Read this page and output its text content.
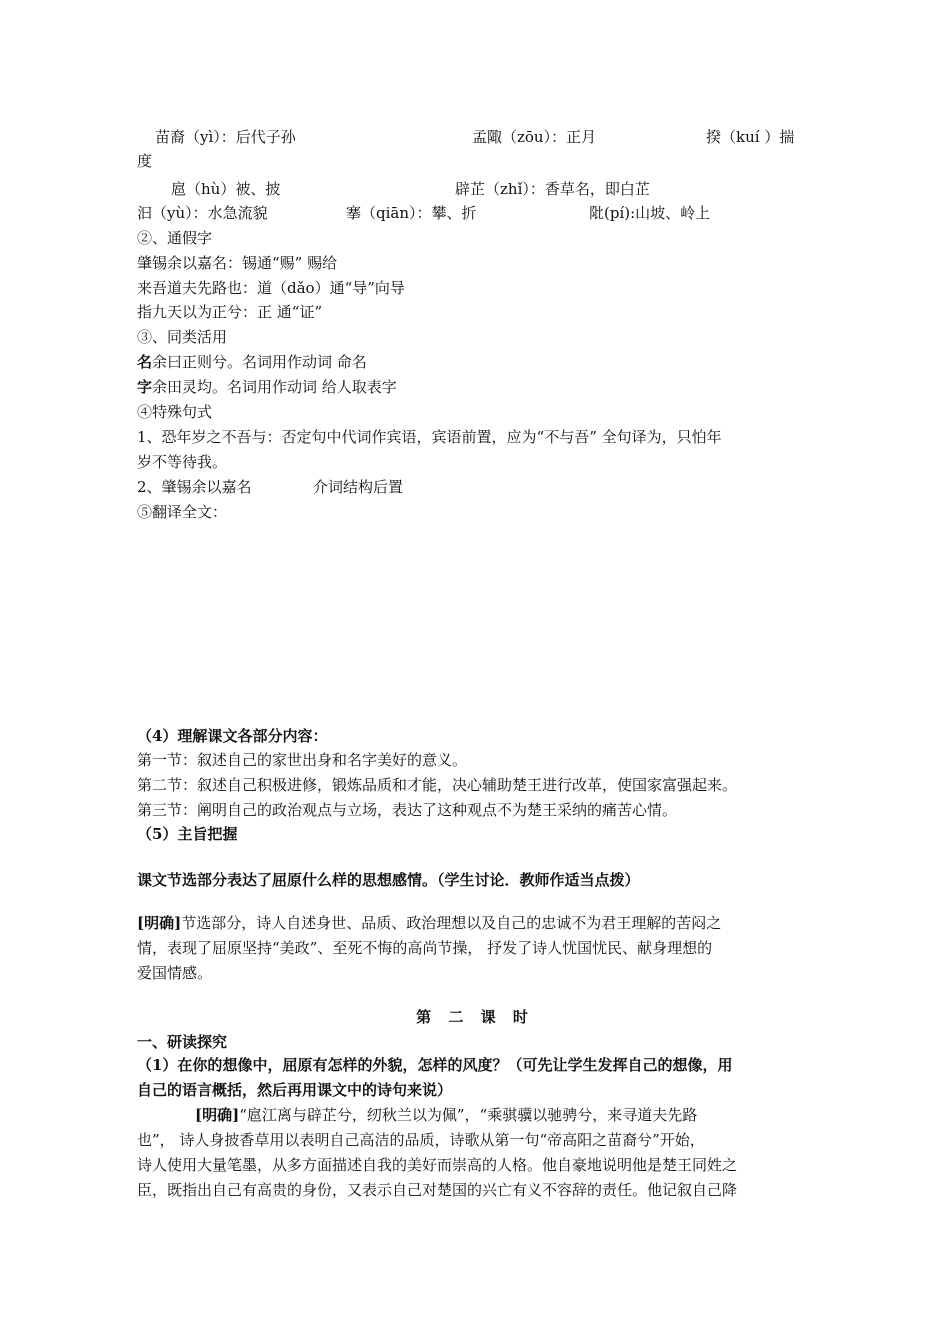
苗裔（yì）：后代子孙	孟陬（zōu）：正月	揆（kuí ）揣
度
扈（hù）被、披	辟芷（zhǐ）：香草名，即白芷
汩（yù）：水急流貌	搴（qiān）：攀、折	阰(pí):山坡、岭上
②、通假字
肇锡余以嘉名：锡通“赐” 赐给
来吾道夫先路也：道（dǎo）通“导”向导
指九天以为正兮：正 通“证”
③、同类活用
名余曰正则兮。名词用作动词 命名
字余田灵均。名词用作动词 给人取表字
④特殊句式
1、恐年岁之不吾与：否定句中代词作宾语，宾语前置，应为“不与吾” 全句译为，只怕年
岁不等待我。
2、肇锡余以嘉名	介词结构后置
⑤翻译全文：
（4）理解课文各部分内容：
第一节：叙述自己的家世出身和名字美好的意义。
第二节：叙述自己积极进修，锻炼品质和才能，决心辅助楚王进行改革，使国家富强起来。
第三节：阐明自己的政治观点与立场，表达了这种观点不为楚王采纳的痛苦心情。
（5）主旨把握
课文节选部分表达了屈原什么样的思想感情。（学生讨论．教师作适当点拨）
[明确]节选部分，诗人自述身世、品质、政治理想以及自己的忠诚不为君王理解的苦闷之
情，表现了屈原坚持“美政”、至死不悔的高尚节操， 抒发了诗人忧国忧民、献身理想的
爱国情感。
第 二 课 时
一、研读探究
（1）在你的想像中，屈原有怎样的外貌，怎样的风度？（可先让学生发挥自己的想像，用
自己的语言概括，然后再用课文中的诗句来说）
[明确]“扈江离与辟芷兮，纫秋兰以为佩”，“乘骐骥以驰骋兮，来寻道夫先路
也”， 诗人身披香草用以表明自己高洁的品质，诗歌从第一句“帝高阳之苗裔兮”开始，
诗人使用大量笔墨，从多方面描述自我的美好而崇高的人格。他自豪地说明他是楚王同姓之
臣，既指出自己有高贵的身份，又表示自己对楚国的兴亡有义不容辞的责任。他记叙自己降
